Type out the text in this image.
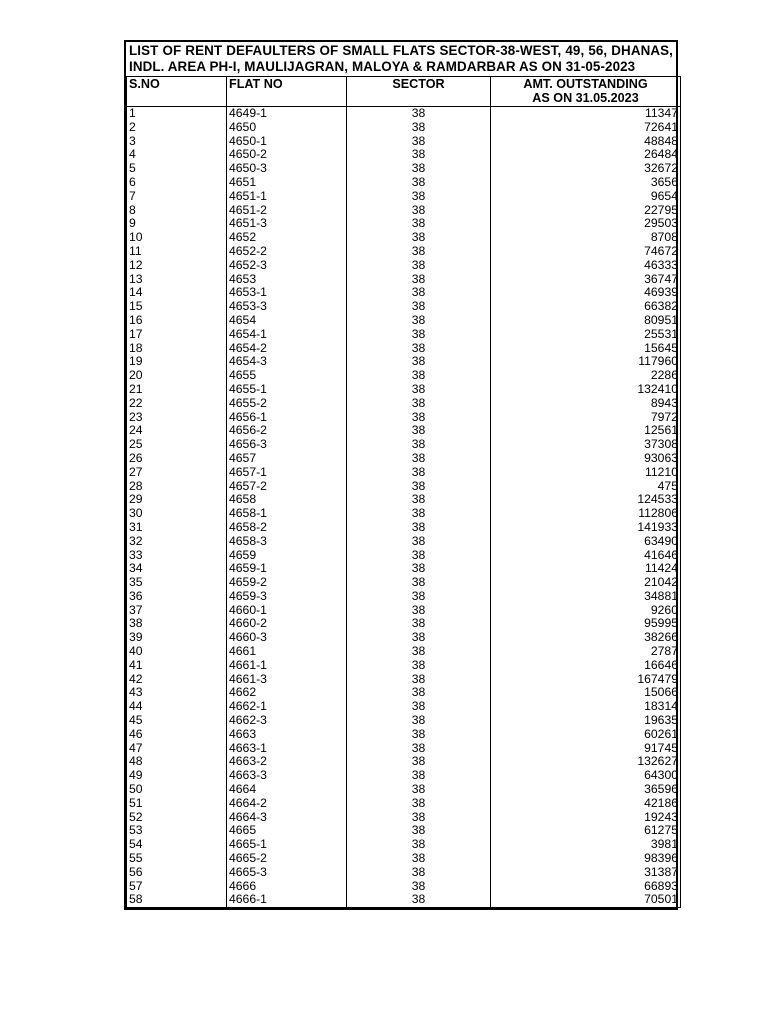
LIST OF RENT DEFAULTERS OF SMALL FLATS SECTOR-38-WEST, 49, 56, DHANAS, INDL. AREA PH-I, MAULIJAGRAN, MALOYA & RAMDARBAR AS ON 31-05-2023
S.NO	FLAT NO	SECTOR	AMT. OUTSTANDING
AS ON 31.05.2023

1	4649-1	38	11347
2	4650	38	72641
3	4650-1	38	48848
4	4650-2	38	26484
5	4650-3	38	32672
6	4651	38	3656
7	4651-1	38	9654
8	4651-2	38	22795
9	4651-3	38	29503
10	4652	38	8708
11	4652-2	38	74672
12	4652-3	38	46333
13	4653	38	36747
14	4653-1	38	46939
15	4653-3	38	66382
16	4654	38	80951
17	4654-1	38	25531
18	4654-2	38	15645
19	4654-3	38	117960
20	4655	38	2286
21	4655-1	38	132410
22	4655-2	38	8943
23	4656-1	38	7972
24	4656-2	38	12561
25	4656-3	38	37308
26	4657	38	93063
27	4657-1	38	11210
28	4657-2	38	475
29	4658	38	124533
30	4658-1	38	112806
31	4658-2	38	141933
32	4658-3	38	63490
33	4659	38	41646
34	4659-1	38	11424
35	4659-2	38	21042
36	4659-3	38	34881
37	4660-1	38	9260
38	4660-2	38	95995
39	4660-3	38	38266
40	4661	38	2787
41	4661-1	38	16646
42	4661-3	38	167479
43	4662	38	15066
44	4662-1	38	18314
45	4662-3	38	19635
46	4663	38	60261
47	4663-1	38	91745
48	4663-2	38	132627
49	4663-3	38	64300
50	4664	38	36596
51	4664-2	38	42186
52	4664-3	38	19243
53	4665	38	61275
54	4665-1	38	3981
55	4665-2	38	98396
56	4665-3	38	31387
57	4666	38	66893
58	4666-1	38	70501
